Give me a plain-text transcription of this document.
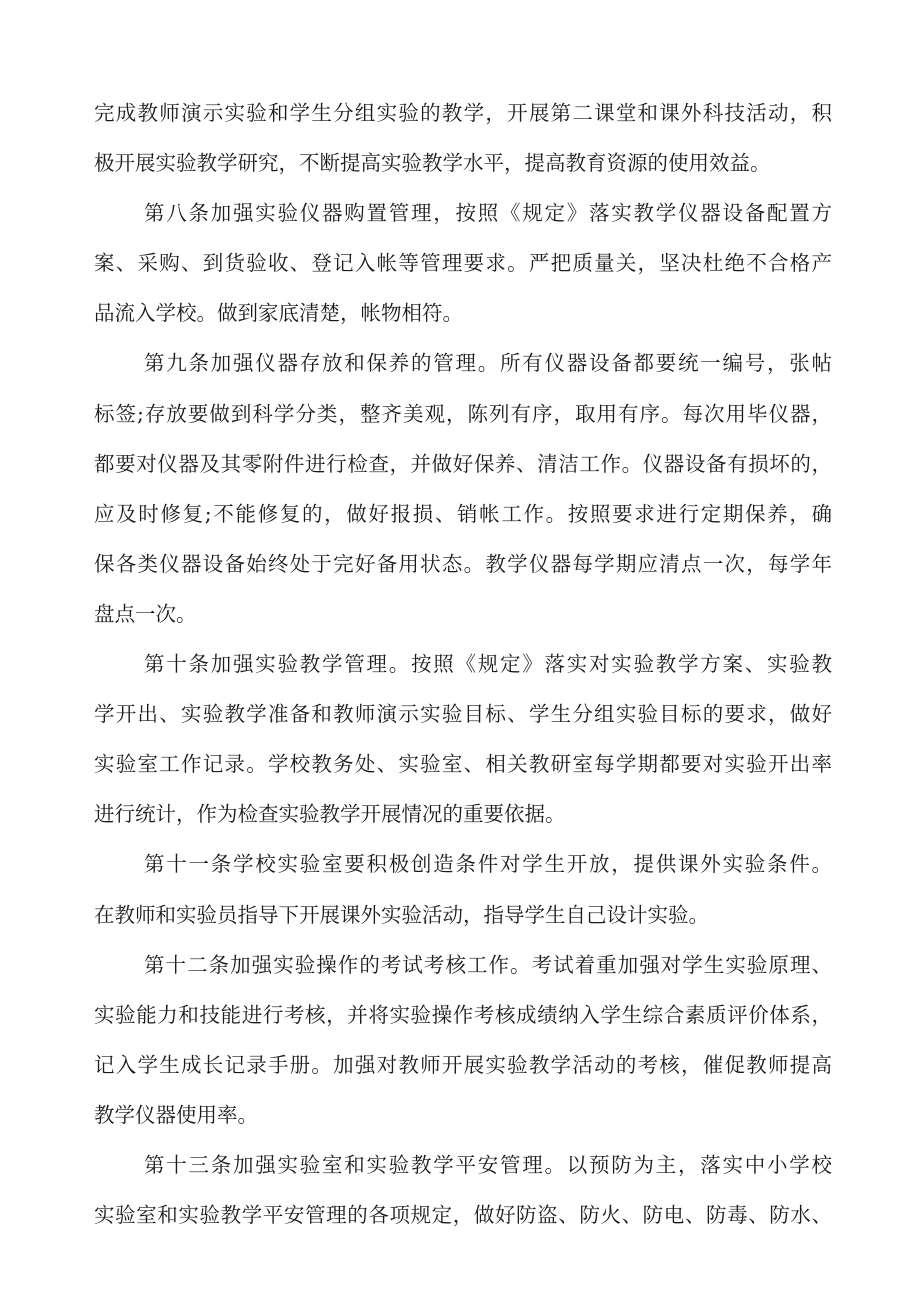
完成教师演示实验和学生分组实验的教学，开展第二课堂和课外科技活动，积
极开展实验教学研究，不断提高实验教学水平，提高教育资源的使用效益。
第八条加强实验仪器购置管理，按照《规定》落实教学仪器设备配置方
案、采购、到货验收、登记入帐等管理要求。严把质量关，坚决杜绝不合格产
品流入学校。做到家底清楚，帐物相符。
第九条加强仪器存放和保养的管理。所有仪器设备都要统一编号，张帖
标签;存放要做到科学分类，整齐美观，陈列有序，取用有序。每次用毕仪器，
都要对仪器及其零附件进行检查，并做好保养、清洁工作。仪器设备有损坏的，
应及时修复;不能修复的，做好报损、销帐工作。按照要求进行定期保养，确
保各类仪器设备始终处于完好备用状态。教学仪器每学期应清点一次，每学年
盘点一次。
第十条加强实验教学管理。按照《规定》落实对实验教学方案、实验教
学开出、实验教学准备和教师演示实验目标、学生分组实验目标的要求，做好
实验室工作记录。学校教务处、实验室、相关教研室每学期都要对实验开出率
进行统计，作为检查实验教学开展情况的重要依据。
第十一条学校实验室要积极创造条件对学生开放，提供课外实验条件。
在教师和实验员指导下开展课外实验活动，指导学生自己设计实验。
第十二条加强实验操作的考试考核工作。考试着重加强对学生实验原理、
实验能力和技能进行考核，并将实验操作考核成绩纳入学生综合素质评价体系，
记入学生成长记录手册。加强对教师开展实验教学活动的考核，催促教师提高
教学仪器使用率。
第十三条加强实验室和实验教学平安管理。以预防为主，落实中小学校
实验室和实验教学平安管理的各项规定，做好防盗、防火、防电、防毒、防水、
